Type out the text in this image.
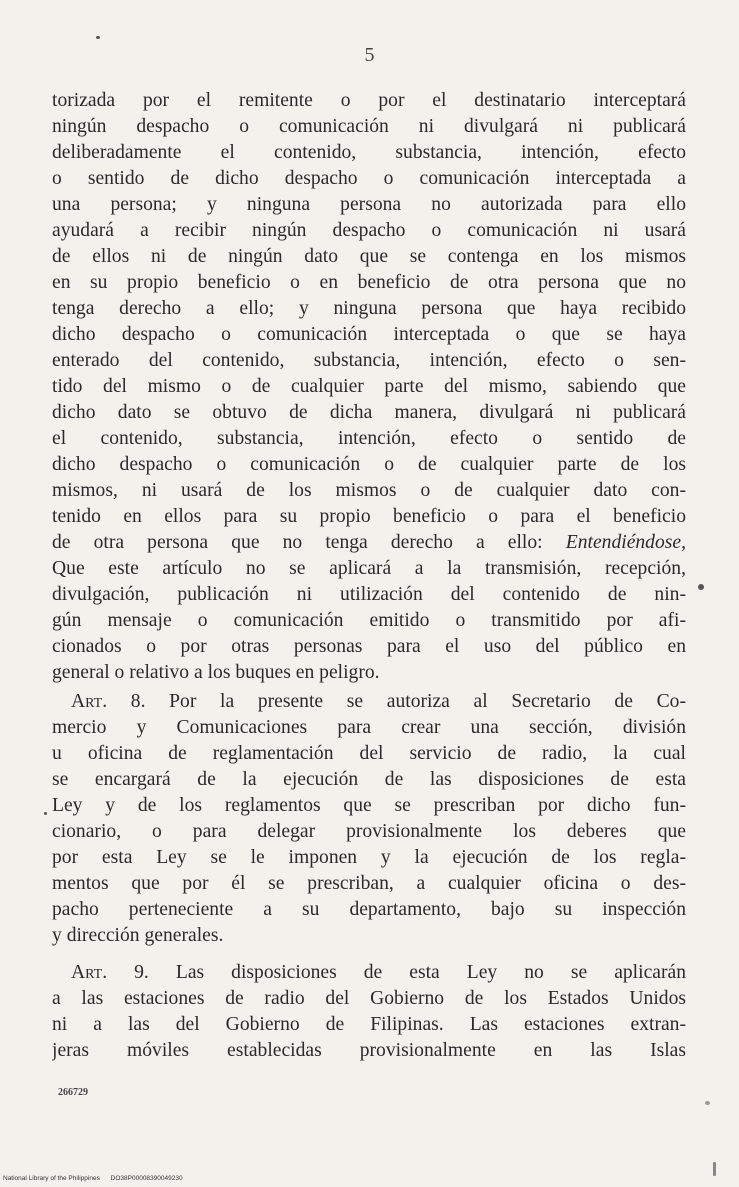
5
torizada por el remitente o por el destinatario interceptará
ningún despacho o comunicación ni divulgará ni publicará
deliberadamente el contenido, substancia, intención, efecto
o sentido de dicho despacho o comunicación interceptada a
una persona; y ninguna persona no autorizada para ello
ayudará a recibir ningún despacho o comunicación ni usará
de ellos ni de ningún dato que se contenga en los mismos
en su propio beneficio o en beneficio de otra persona que no
tenga derecho a ello; y ninguna persona que haya recibido
dicho despacho o comunicación interceptada o que se haya
enterado del contenido, substancia, intención, efecto o sen-
tido del mismo o de cualquier parte del mismo, sabiendo que
dicho dato se obtuvo de dicha manera, divulgará ni publicará
el contenido, substancia, intención, efecto o sentido de
dicho despacho o comunicación o de cualquier parte de los
mismos, ni usará de los mismos o de cualquier dato con-
tenido en ellos para su propio beneficio o para el beneficio
de otra persona que no tenga derecho a ello: Entendiéndose,
Que este artículo no se aplicará a la transmisión, recepción,
divulgación, publicación ni utilización del contenido de nin-
gún mensaje o comunicación emitido o transmitido por afi-
cionados o por otras personas para el uso del público en
general o relativo a los buques en peligro.
Art. 8. Por la presente se autoriza al Secretario de Co-
mercio y Comunicaciones para crear una sección, división
u oficina de reglamentación del servicio de radio, la cual
se encargará de la ejecución de las disposiciones de esta
Ley y de los reglamentos que se prescriban por dicho fun-
cionario, o para delegar provisionalmente los deberes que
por esta Ley se le imponen y la ejecución de los regla-
mentos que por él se prescriban, a cualquier oficina o des-
pacho perteneciente a su departamento, bajo su inspección
y dirección generales.
Art. 9. Las disposiciones de esta Ley no se aplicarán
a las estaciones de radio del Gobierno de los Estados Unidos
ni a las del Gobierno de Filipinas. Las estaciones extran-
jeras móviles establecidas provisionalmente en las Islas
266729
National Library of the Philippines DO38P00008390049230
